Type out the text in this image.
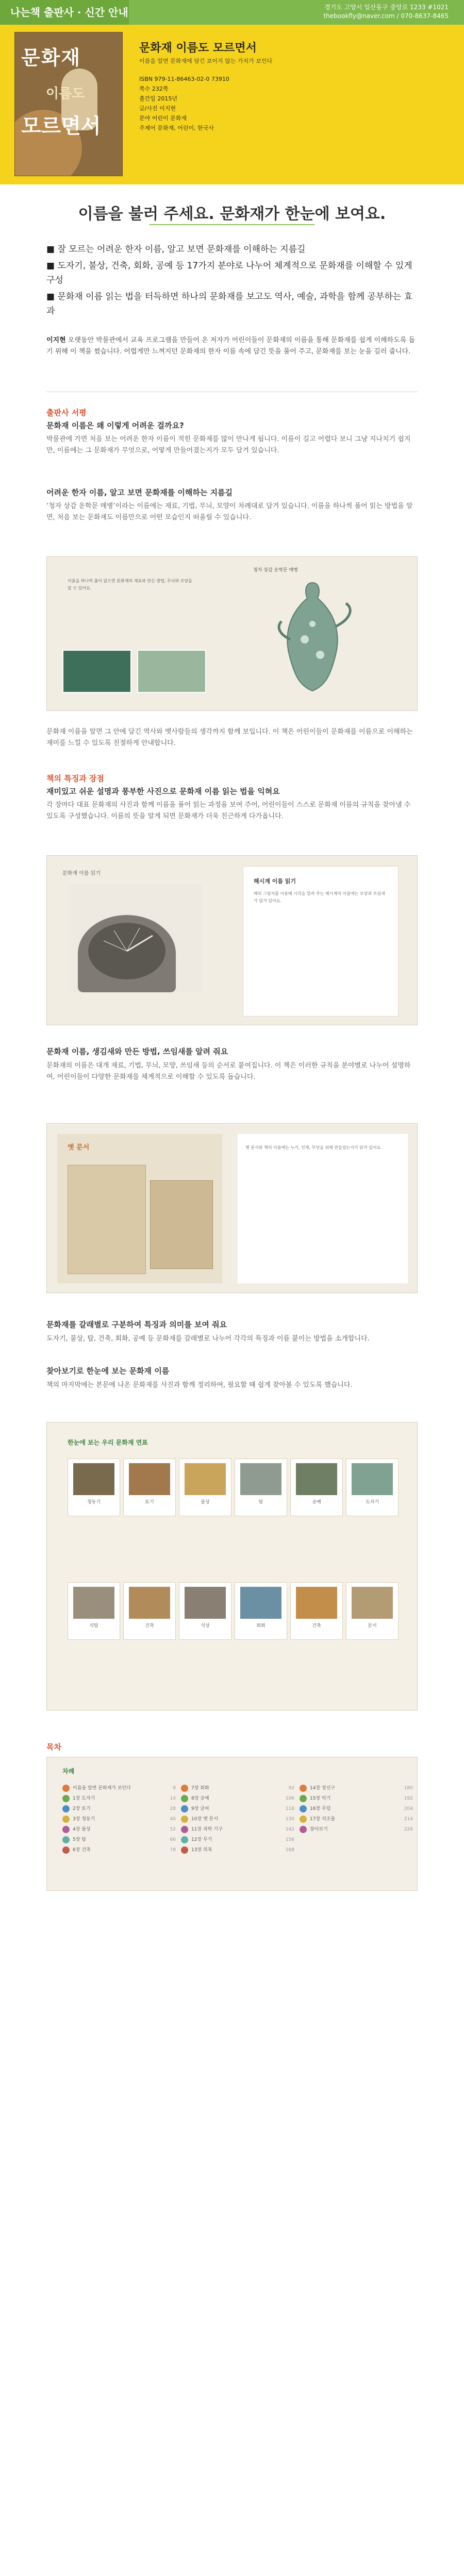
나는책 출판사 · 신간 안내	경기도 고양시 일산동구 중앙로 1233 #1021
thebookfly@naver.com / 070-8637-8465
문화재
이름도
모르면서
문화재 이름도 모르면서
이름을 알면 문화재에 담긴 보이지 않는 가치가 보인다
ISBN 979-11-86463-02-0 73910
쪽수 232쪽
출간일 2015년
글/사진 이지현
분야 어린이 문화재
주제어 문화재, 어린이, 한국사
이름을 불러 주세요. 문화재가 한눈에 보여요.

■ 잘 모르는 어려운 한자 이름, 알고 보면 문화재를 이해하는 지름길

■ 도자기, 불상, 건축, 회화, 공예 등 17가지 분야로 나누어 체계적으로 문화재를 이해할 수 있게 구성

■ 문화재 이름 읽는 법을 터득하면 하나의 문화재를 보고도 역사, 예술, 과학을 함께 공부하는 효과

이지현 오랫동안 박물관에서 교육 프로그램을 만들어 온 저자가 어린이들이 문화재의 이름을 통해 문화재를 쉽게 이해하도록 돕기 위해 이 책을 썼습니다. 어렵게만 느껴지던 문화재의 한자 이름 속에 담긴 뜻을 풀어 주고, 문화재를 보는 눈을 길러 줍니다.
출판사 서평
문화재 이름은 왜 이렇게 어려운 걸까요?
박물관에 가면 처음 보는 어려운 한자 이름이 적힌 문화재를 많이 만나게 됩니다. 이름이 길고 어렵다 보니 그냥 지나치기 쉽지만, 이름에는 그 문화재가 무엇으로, 어떻게 만들어졌는지가 모두 담겨 있습니다.
어려운 한자 이름, 알고 보면 문화재를 이해하는 지름길
‘청자 상감 운학문 매병’이라는 이름에는 재료, 기법, 무늬, 모양이 차례대로 담겨 있습니다. 이름을 하나씩 풀어 읽는 방법을 알면, 처음 보는 문화재도 이름만으로 어떤 모습인지 떠올릴 수 있습니다.
이름을 하나씩 풀어 읽으면 문화재의 재료와 만든 방법, 무늬와 모양을 알 수 있어요.
청자 상감 운학문 매병
문화재 이름을 알면 그 안에 담긴 역사와 옛사람들의 생각까지 함께 보입니다. 이 책은 어린이들이 문화재를 이름으로 이해하는 재미를 느낄 수 있도록 친절하게 안내합니다.
책의 특징과 장점
재미있고 쉬운 설명과 풍부한 사진으로 문화재 이름 읽는 법을 익혀요
각 장마다 대표 문화재의 사진과 함께 이름을 풀어 읽는 과정을 보여 주어, 어린이들이 스스로 문화재 이름의 규칙을 찾아낼 수 있도록 구성했습니다. 이름의 뜻을 알게 되면 문화재가 더욱 친근하게 다가옵니다.
문화재 이름 읽기
해시계 이름 읽기
해의 그림자를 이용해 시각을 알려 주는 해시계의 이름에는 모양과 쓰임새가 담겨 있어요.
문화재 이름, 생김새와 만든 방법, 쓰임새를 알려 줘요
문화재의 이름은 대개 재료, 기법, 무늬, 모양, 쓰임새 등의 순서로 붙여집니다. 이 책은 이러한 규칙을 분야별로 나누어 설명하여, 어린이들이 다양한 문화재를 체계적으로 이해할 수 있도록 돕습니다.
옛 문서	옛 문서와 책의 이름에는 누가, 언제, 무엇을 위해 만들었는지가 담겨 있어요.
문화재를 갈래별로 구분하여 특징과 의미를 보여 줘요
도자기, 불상, 탑, 건축, 회화, 공예 등 문화재를 갈래별로 나누어 각각의 특징과 이름 붙이는 방법을 소개합니다.
찾아보기로 한눈에 보는 문화재 이름
책의 마지막에는 본문에 나온 문화재를 사진과 함께 정리하여, 필요할 때 쉽게 찾아볼 수 있도록 했습니다.
한눈에 보는 우리 문화재 연표
청동기	토기	불상	탑	공예	도자기
석탑	건축	석상	회화	건축	문서
목차
차례
이름을 알면 문화재가 보인다	8
1장 도자기	14
2장 토기	28
3장 청동기	40
4장 불상	52
5장 탑	66
6장 건축	78
7장 회화	92
8장 공예	106
9장 글씨	118
10장 옛 문서	130
11장 과학 기구	142
12장 무기	156
13장 의복	168
14장 장신구	180
15장 악기	192
16장 무덤	204
17장 석조물	214
찾아보기	226
